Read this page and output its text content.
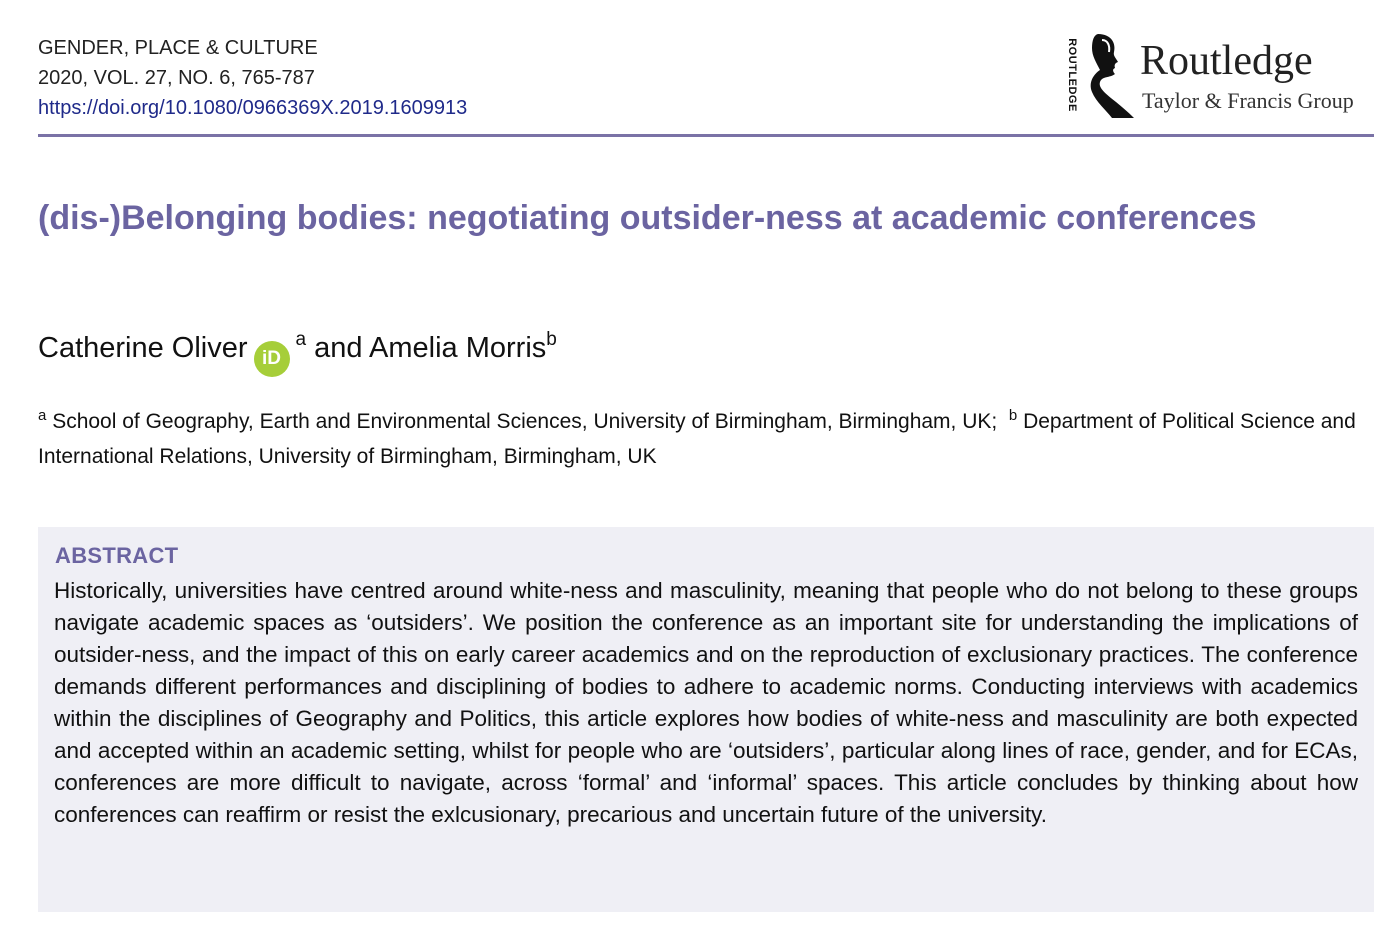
GENDER, PLACE & CULTURE
2020, VOL. 27, NO. 6, 765-787
https://doi.org/10.1080/0966369X.2019.1609913	ROUTLEDGE Routledge
Taylor & Francis Group
(dis-)Belonging bodies: negotiating outsider-ness at academic conferences
Catherine Oliver $iD^a$ and Amelia Morris$^b$
$^a$ School of Geography, Earth and Environmental Sciences, University of Birmingham, Birmingham, UK; $^b$ Department of Political Science and International Relations, University of Birmingham, Birmingham, UK
ABSTRACT
Historically, universities have centred around white-ness and masculinity, meaning that people who do not belong to these groups navigate academic spaces as ‘outsiders’. We position the conference as an important site for understanding the implications of outsider-ness, and the impact of this on early career academics and on the reproduction of exclusionary practices. The conference demands different performances and disciplining of bodies to adhere to academic norms. Conducting interviews with academics within the disciplines of Geography and Politics, this article explores how bodies of white-ness and masculinity are both expected and accepted within an academic setting, whilst for people who are ‘outsiders’, particular along lines of race, gender, and for ECAs, conferences are more difficult to navigate, across ‘formal’ and ‘informal’ spaces. This article concludes by thinking about how conferences can reaffirm or resist the exlcusionary, precarious and uncertain future of the university.
